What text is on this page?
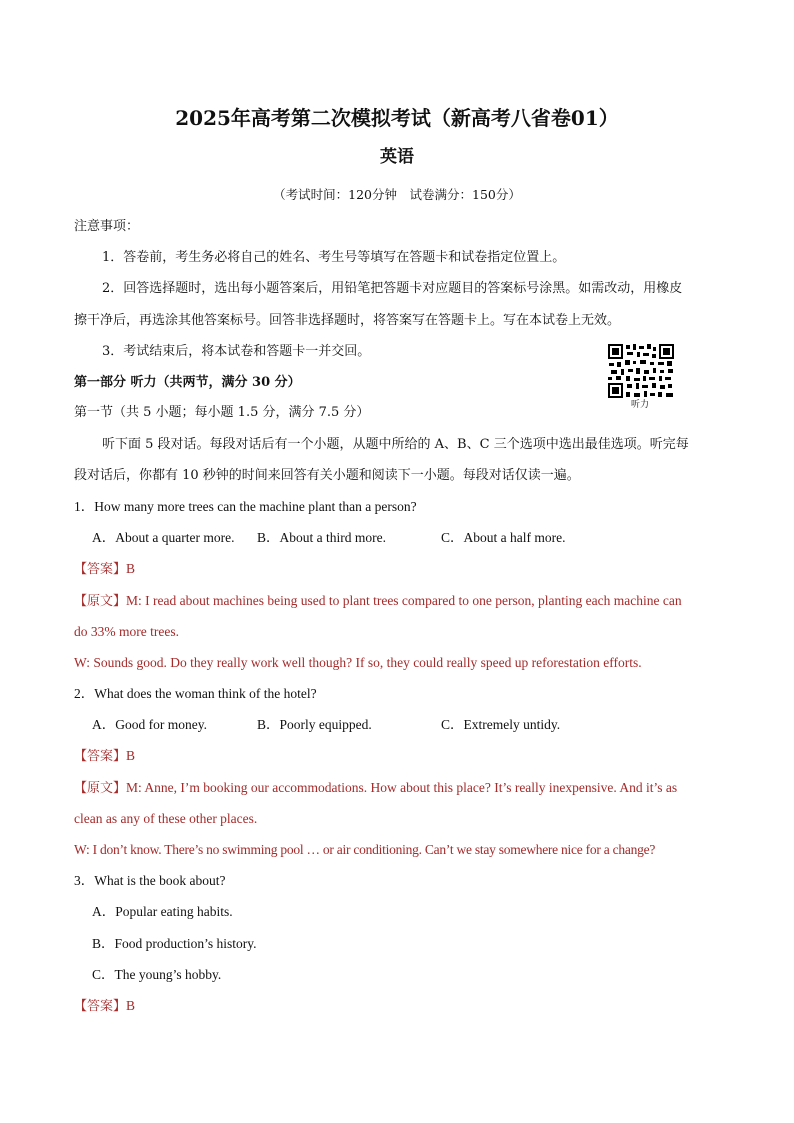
2025年高考第二次模拟考试（新高考八省卷01）
英语
（考试时间：120分钟　试卷满分：150分）
注意事项：
1．答卷前，考生务必将自己的姓名、考生号等填写在答题卡和试卷指定位置上。
2．回答选择题时，选出每小题答案后，用铅笔把答题卡对应题目的答案标号涂黑。如需改动，用橡皮
擦干净后，再选涂其他答案标号。回答非选择题时，将答案写在答题卡上。写在本试卷上无效。
3．考试结束后，将本试卷和答题卡一并交回。
听力
第一部分 听力（共两节，满分 30 分）
第一节（共 5 小题；每小题 1.5 分，满分 7.5 分）
听下面 5 段对话。每段对话后有一个小题，从题中所给的 A、B、C 三个选项中选出最佳选项。听完每
段对话后，你都有 10 秒钟的时间来回答有关小题和阅读下一小题。每段对话仅读一遍。
1．How many more trees can the machine plant than a person?
A．About a quarter more. B．About a third more.	C．About a half more.
【答案】B
【原文】M: I read about machines being used to plant trees compared to one person, planting each machine can
do 33% more trees.
W: Sounds good. Do they really work well though? If so, they could really speed up reforestation efforts.
2．What does the woman think of the hotel?
A．Good for money.	B．Poorly equipped.	C．Extremely untidy.
【答案】B
【原文】M: Anne, I’m booking our accommodations. How about this place? It’s really inexpensive. And it’s as
clean as any of these other places.
W: I don’t know. There’s no swimming pool … or air conditioning. Can’t we stay somewhere nice for a change?
3．What is the book about?
A．Popular eating habits.
B．Food production’s history.
C．The young’s hobby.
【答案】B
